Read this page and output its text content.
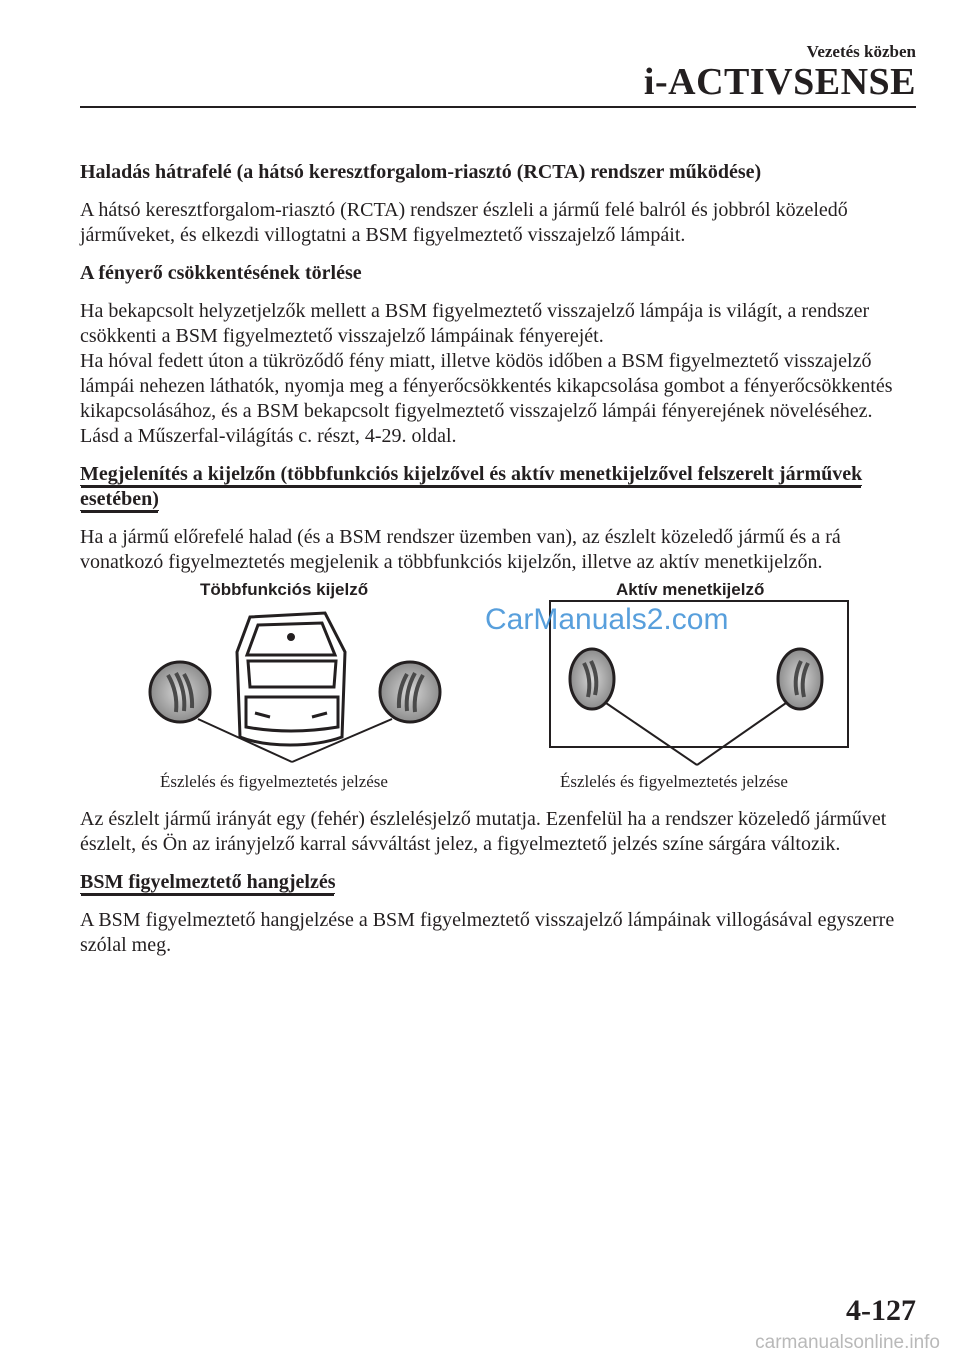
Vezetés közben
i-ACTIVSENSE
Haladás hátrafelé (a hátsó keresztforgalom-riasztó (RCTA) rendszer működése)

A hátsó keresztforgalom-riasztó (RCTA) rendszer észleli a jármű felé balról és jobbról közeledő járműveket, és elkezdi villogtatni a BSM figyelmeztető visszajelző lámpáit.

A fényerő csökkentésének törlése

Ha bekapcsolt helyzetjelzők mellett a BSM figyelmeztető visszajelző lámpája is világít, a rendszer csökkenti a BSM figyelmeztető visszajelző lámpáinak fényerejét.

Ha hóval fedett úton a tükröződő fény miatt, illetve ködös időben a BSM figyelmeztető visszajelző lámpái nehezen láthatók, nyomja meg a fényerőcsökkentés kikapcsolása gombot a fényerőcsökkentés kikapcsolásához, és a BSM bekapcsolt figyelmeztető visszajelző lámpái fényerejének növeléséhez.

Lásd a Műszerfal-világítás c. részt, 4-29. oldal.

Megjelenítés a kijelzőn (többfunkciós kijelzővel és aktív menetkijelzővel felszerelt járművek esetében)

Ha a jármű előrefelé halad (és a BSM rendszer üzemben van), az észlelt közeledő jármű és a rá vonatkozó figyelmeztetés megjelenik a többfunkciós kijelzőn, illetve az aktív menetkijelzőn.

Többfunkciós kijelző	Aktív menetkijelző
CarManuals2.com
Észlelés és figyelmeztetés jelzése	Észlelés és figyelmeztetés jelzése

Az észlelt jármű irányát egy (fehér) észlelésjelző mutatja. Ezenfelül ha a rendszer közeledő járművet észlelt, és Ön az irányjelző karral sávváltást jelez, a figyelmeztető jelzés színe sárgára változik.

BSM figyelmeztető hangjelzés

A BSM figyelmeztető hangjelzése a BSM figyelmeztető visszajelző lámpáinak villogásával egyszerre szólal meg.

4-127
carmanualsonline.info
